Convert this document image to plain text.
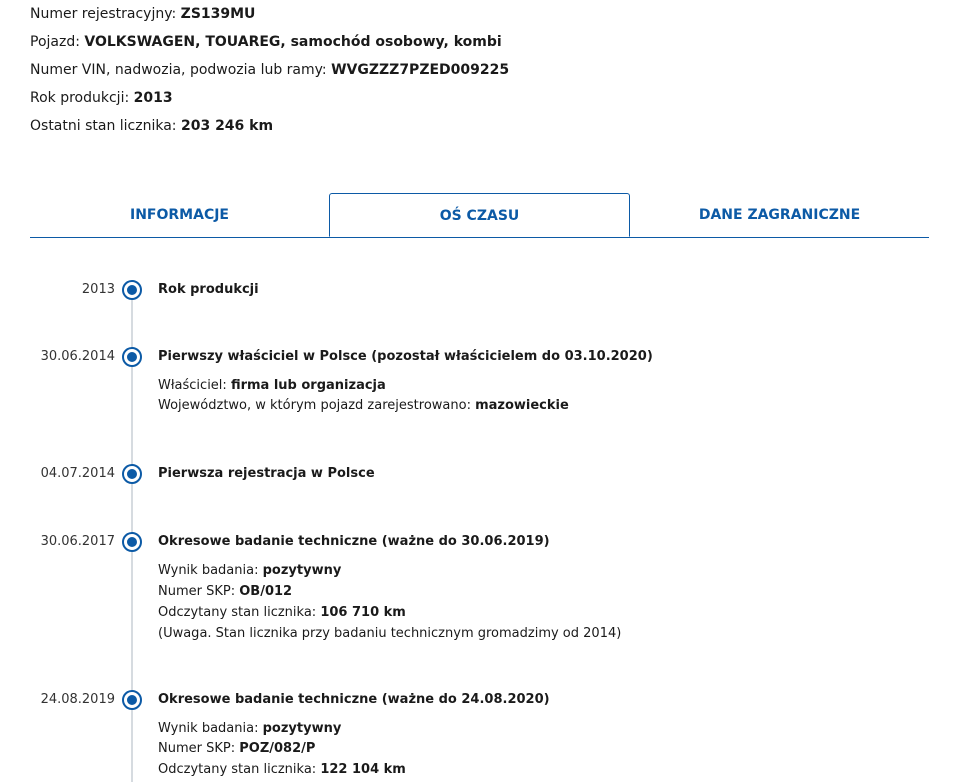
Numer rejestracyjny: ZS139MU
Pojazd: VOLKSWAGEN, TOUAREG, samochód osobowy, kombi
Numer VIN, nadwozia, podwozia lub ramy: WVGZZZ7PZED009225
Rok produkcji: 2013
Ostatni stan licznika: 203 246 km
INFORMACJE	OŚ CZASU	DANE ZAGRANICZNE
2013	Rok produkcji
30.06.2014	Pierwszy właściciel w Polsce (pozostał właścicielem do 03.10.2020)
Właściciel: firma lub organizacja
Województwo, w którym pojazd zarejestrowano: mazowieckie
04.07.2014	Pierwsza rejestracja w Polsce
30.06.2017	Okresowe badanie techniczne (ważne do 30.06.2019)
Wynik badania: pozytywny
Numer SKP: OB/012
Odczytany stan licznika: 106 710 km
(Uwaga. Stan licznika przy badaniu technicznym gromadzimy od 2014)
24.08.2019	Okresowe badanie techniczne (ważne do 24.08.2020)
Wynik badania: pozytywny
Numer SKP: POZ/082/P
Odczytany stan licznika: 122 104 km
